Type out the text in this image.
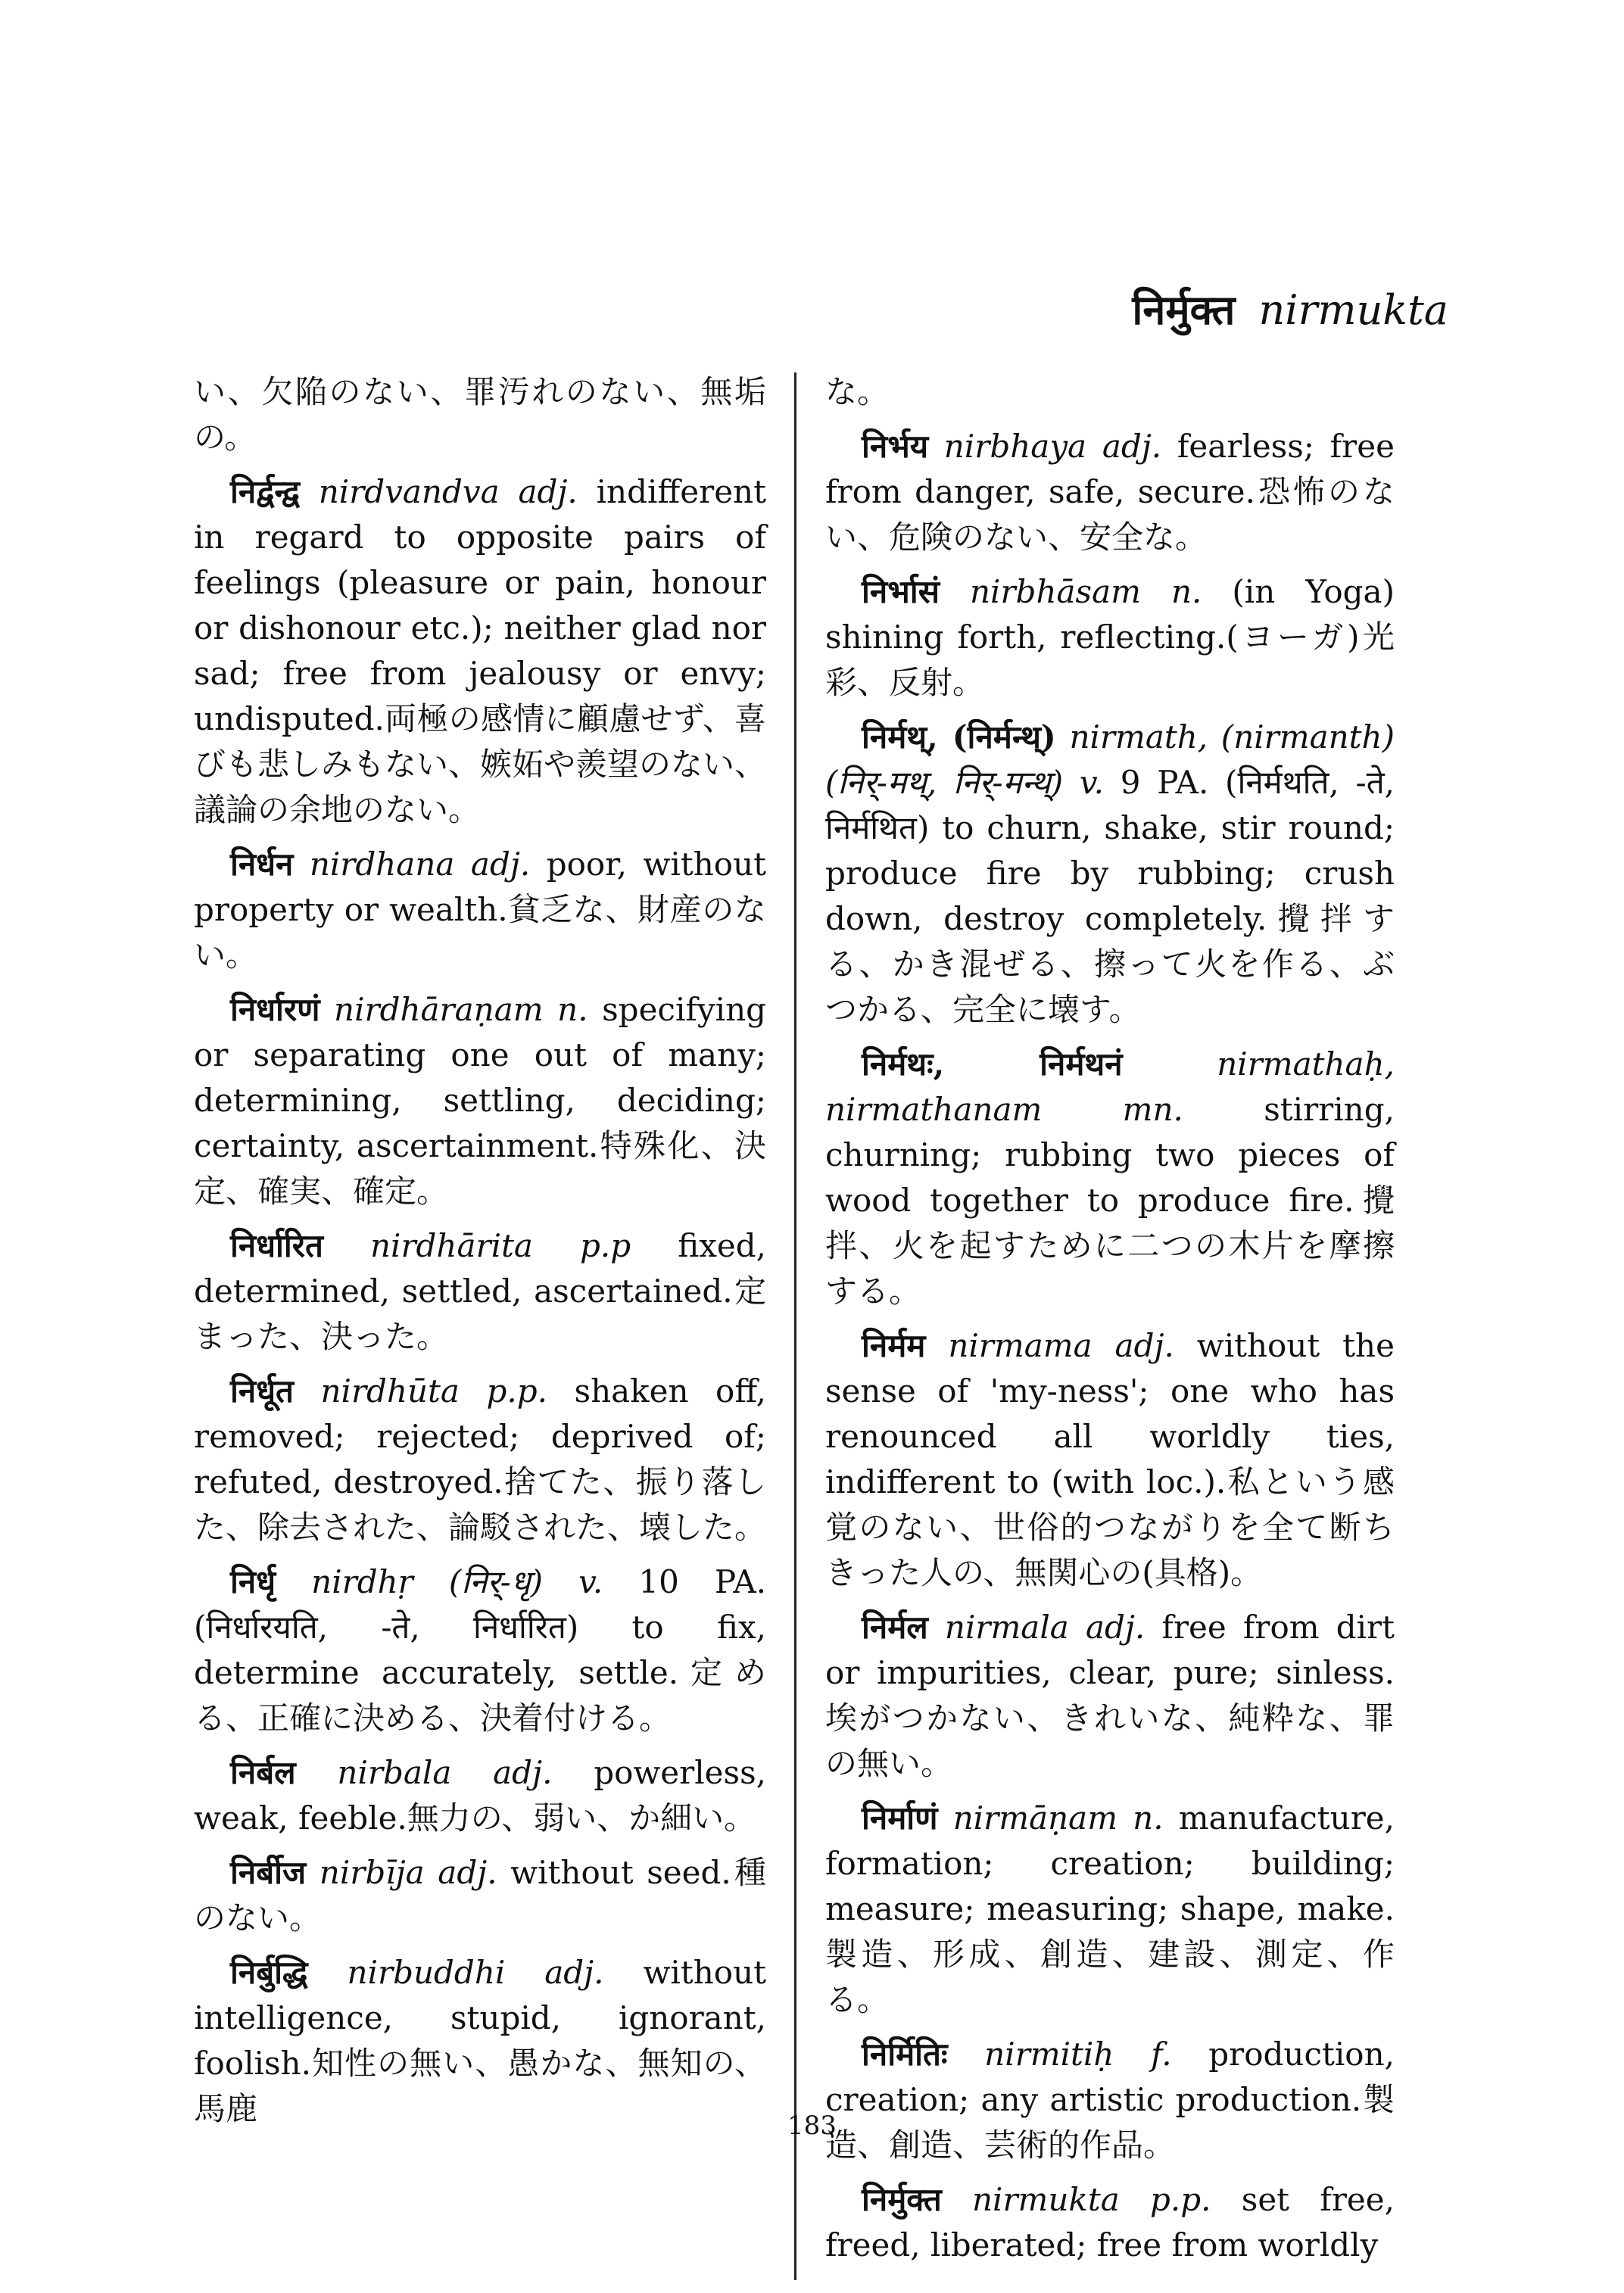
निर्मुक्त nirmukta

い、欠陥のない、罪汚れのない、無垢の。

निर्द्वन्द्व nirdvandva adj. indifferent in regard to opposite pairs of feelings (pleasure or pain, honour or dishonour etc.); neither glad nor sad; free from jealousy or envy; undisputed.両極の感情に顧慮せず、喜びも悲しみもない、嫉妬や羨望のない、議論の余地のない。

निर्धन nirdhana adj. poor, without property or wealth.貧乏な、財産のない。

निर्धारणं nirdhāraṇam n. specifying or separating one out of many; determining, settling, deciding; certainty, ascertainment.特殊化、決定、確実、確定。

निर्धारित nirdhārita p.p fixed, determined, settled, ascertained.定まった、決った。

निर्धूत nirdhūta p.p. shaken off, removed; rejected; deprived of; refuted, destroyed.捨てた、振り落した、除去された、論駁された、壊した。

निर्धृ nirdhṛ (निर्-धृ) v. 10 PA. (निर्धारयति, -ते, निर्धारित) to fix, determine accurately, settle.定める、正確に決める、決着付ける。

निर्बल nirbala adj. powerless, weak, feeble.無力の、弱い、か細い。

निर्बीज nirbīja adj. without seed.種のない。

निर्बुद्धि nirbuddhi adj. without intelligence, stupid, ignorant, foolish.知性の無い、愚かな、無知の、馬鹿

な。

निर्भय nirbhaya adj. fearless; free from danger, safe, secure.恐怖のない、危険のない、安全な。

निर्भासं nirbhāsam n. (in Yoga) shining forth, reflecting.(ヨーガ)光彩、反射。

निर्मथ्, (निर्मन्थ्) nirmath, (nirmanth) (निर्-मथ्, निर्-मन्थ्) v. 9 PA. (निर्मथति, -ते, निर्मथित) to churn, shake, stir round; produce fire by rubbing; crush down, destroy completely.攪拌する、かき混ぜる、擦って火を作る、ぶつかる、完全に壊す。

निर्मथः, निर्मथनं	nirmathaḥ, nirmathanam	mn.	stirring, churning; rubbing two pieces of wood together to produce fire.攪拌、火を起すために二つの木片を摩擦する。

निर्मम nirmama adj. without the sense of 'my-ness'; one who has renounced all worldly ties, indifferent to (with loc.).私という感覚のない、世俗的つながりを全て断ちきった人の、無関心の(具格)。

निर्मल nirmala adj. free from dirt or impurities, clear, pure; sinless.埃がつかない、きれいな、純粋な、罪の無い。

निर्माणं nirmāṇam n. manufacture, formation; creation; building; measure; measuring; shape, make.製造、形成、創造、建設、測定、作る。

निर्मितिः nirmitiḥ f. production, creation; any artistic production.製造、創造、芸術的作品。

निर्मुक्त nirmukta p.p. set free, freed, liberated; free from worldly

183
